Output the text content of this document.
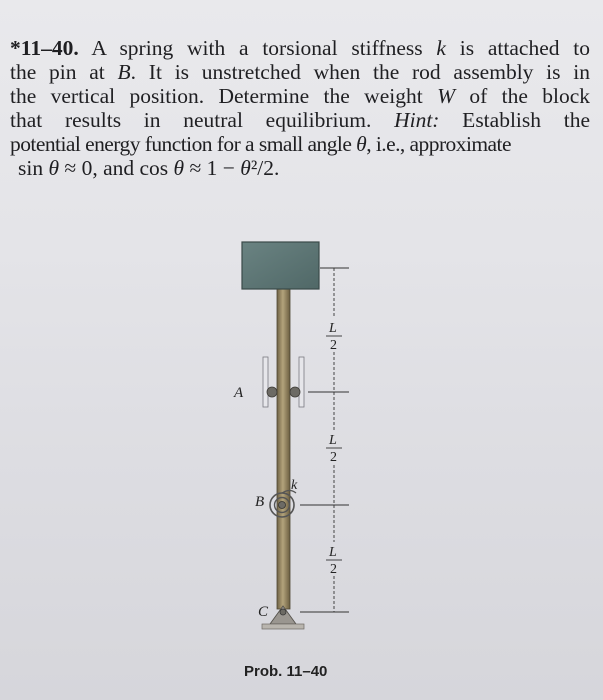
*11–40. A spring with a torsional stiffness k is attached to
the pin at B. It is unstretched when the rod assembly is in
the vertical position. Determine the weight W of the block
that results in neutral equilibrium. Hint: Establish the
potential energy function for a small angle θ, i.e., approximate
sin θ ≈ 0, and cos θ ≈ 1 − θ²/2.
A
B
k
C
L
2
L
2
L
2
Prob. 11–40
